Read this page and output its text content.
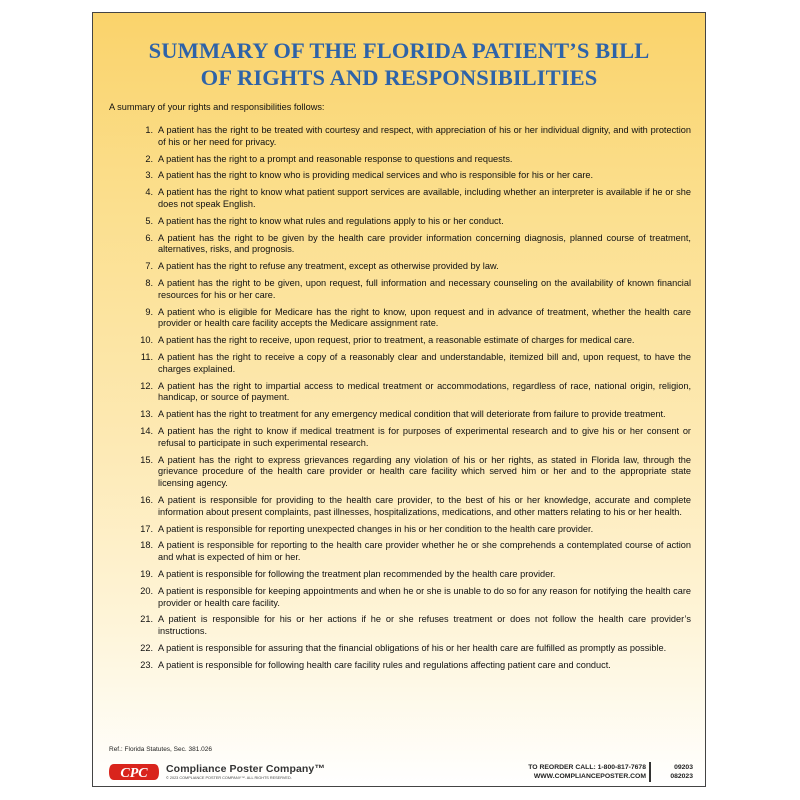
SUMMARY OF THE FLORIDA PATIENT’S BILL
OF RIGHTS AND RESPONSIBILITIES
A summary of your rights and responsibilities follows:
1. A patient has the right to be treated with courtesy and respect, with appreciation of his or her individual dignity, and with protection of his or her need for privacy.
2. A patient has the right to a prompt and reasonable response to questions and requests.
3. A patient has the right to know who is providing medical services and who is responsible for his or her care.
4. A patient has the right to know what patient support services are available, including whether an interpreter is available if he or she does not speak English.
5. A patient has the right to know what rules and regulations apply to his or her conduct.
6. A patient has the right to be given by the health care provider information concerning diagnosis, planned course of treatment, alternatives, risks, and prognosis.
7. A patient has the right to refuse any treatment, except as otherwise provided by law.
8. A patient has the right to be given, upon request, full information and necessary counseling on the availability of known financial resources for his or her care.
9. A patient who is eligible for Medicare has the right to know, upon request and in advance of treatment, whether the health care provider or health care facility accepts the Medicare assignment rate.
10. A patient has the right to receive, upon request, prior to treatment, a reasonable estimate of charges for medical care.
11. A patient has the right to receive a copy of a reasonably clear and understandable, itemized bill and, upon request, to have the charges explained.
12. A patient has the right to impartial access to medical treatment or accommodations, regardless of race, national origin, religion, handicap, or source of payment.
13. A patient has the right to treatment for any emergency medical condition that will deteriorate from failure to provide treatment.
14. A patient has the right to know if medical treatment is for purposes of experimental research and to give his or her consent or refusal to participate in such experimental research.
15. A patient has the right to express grievances regarding any violation of his or her rights, as stated in Florida law, through the grievance procedure of the health care provider or health care facility which served him or her and to the appropriate state licensing agency.
16. A patient is responsible for providing to the health care provider, to the best of his or her knowledge, accurate and complete information about present complaints, past illnesses, hospitalizations, medications, and other matters relating to his or her health.
17. A patient is responsible for reporting unexpected changes in his or her condition to the health care provider.
18. A patient is responsible for reporting to the health care provider whether he or she comprehends a contemplated course of action and what is expected of him or her.
19. A patient is responsible for following the treatment plan recommended by the health care provider.
20. A patient is responsible for keeping appointments and when he or she is unable to do so for any reason for notifying the health care provider or health care facility.
21. A patient is responsible for his or her actions if he or she refuses treatment or does not follow the health care provider’s instructions.
22. A patient is responsible for assuring that the financial obligations of his or her health care are fulfilled as promptly as possible.
23. A patient is responsible for following health care facility rules and regulations affecting patient care and conduct.
Ref.: Florida Statutes, Sec. 381.026
CPC Compliance Poster Company™
© 2023 COMPLIANCE POSTER COMPANY™. ALL RIGHTS RESERVED.
TO REORDER CALL: 1-800-817-7678
WWW.COMPLIANCEPOSTER.COM
09203
082023
